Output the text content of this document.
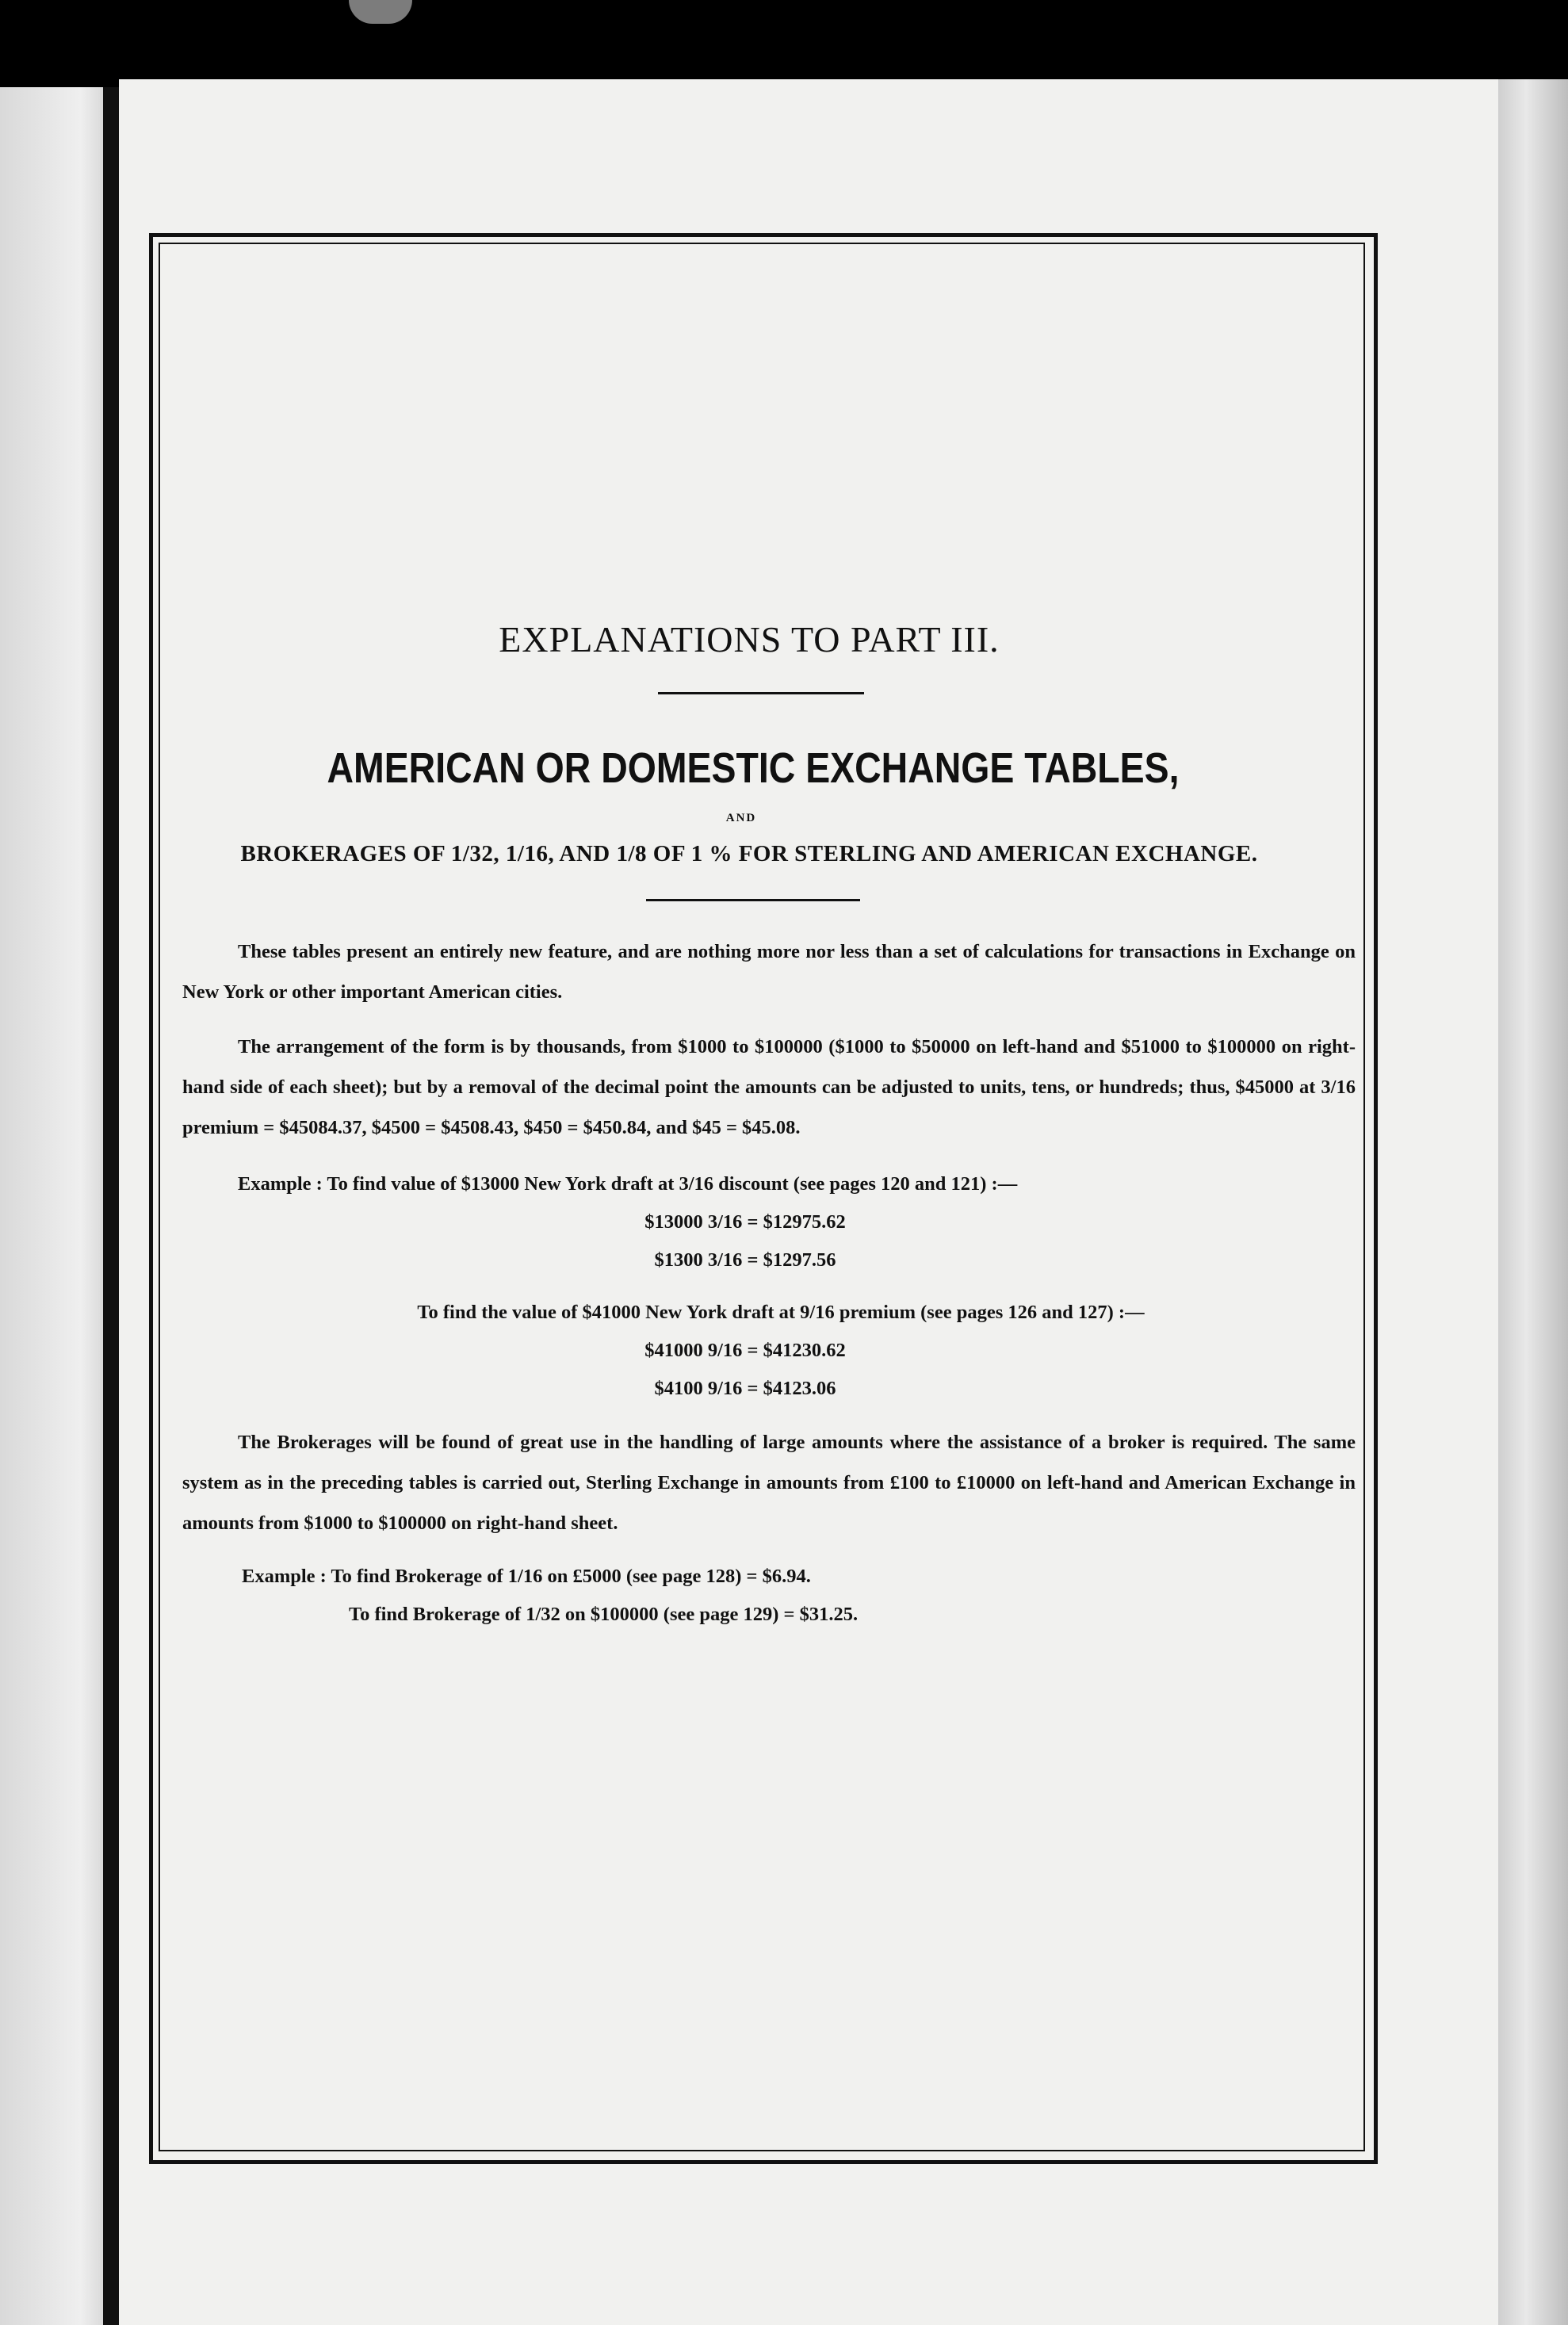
EXPLANATIONS TO PART III.
AMERICAN OR DOMESTIC EXCHANGE TABLES,
AND
BROKERAGES OF 1/32, 1/16, AND 1/8 OF 1 % FOR STERLING AND AMERICAN EXCHANGE.

These tables present an entirely new feature, and are nothing more nor less than a set of calculations for transactions in Exchange on New York or other important American cities.

The arrangement of the form is by thousands, from $1000 to $100000 ($1000 to $50000 on left-hand and $51000 to $100000 on right-hand side of each sheet); but by a removal of the decimal point the amounts can be adjusted to units, tens, or hundreds; thus, $45000 at 3/16 premium = $45084.37, $4500 = $4508.43, $450 = $450.84, and $45 = $45.08.

Example : To find value of $13000 New York draft at 3/16 discount (see pages 120 and 121) :—
$13000 3/16 = $12975.62
$1300 3/16 = $1297.56
To find the value of $41000 New York draft at 9/16 premium (see pages 126 and 127) :—
$41000 9/16 = $41230.62
$4100 9/16 = $4123.06

The Brokerages will be found of great use in the handling of large amounts where the assistance of a broker is required. The same system as in the preceding tables is carried out, Sterling Exchange in amounts from £100 to £10000 on left-hand and American Exchange in amounts from $1000 to $100000 on right-hand sheet.

Example : To find Brokerage of 1/16 on £5000 (see page 128) = $6.94.
To find Brokerage of 1/32 on $100000 (see page 129) = $31.25.
